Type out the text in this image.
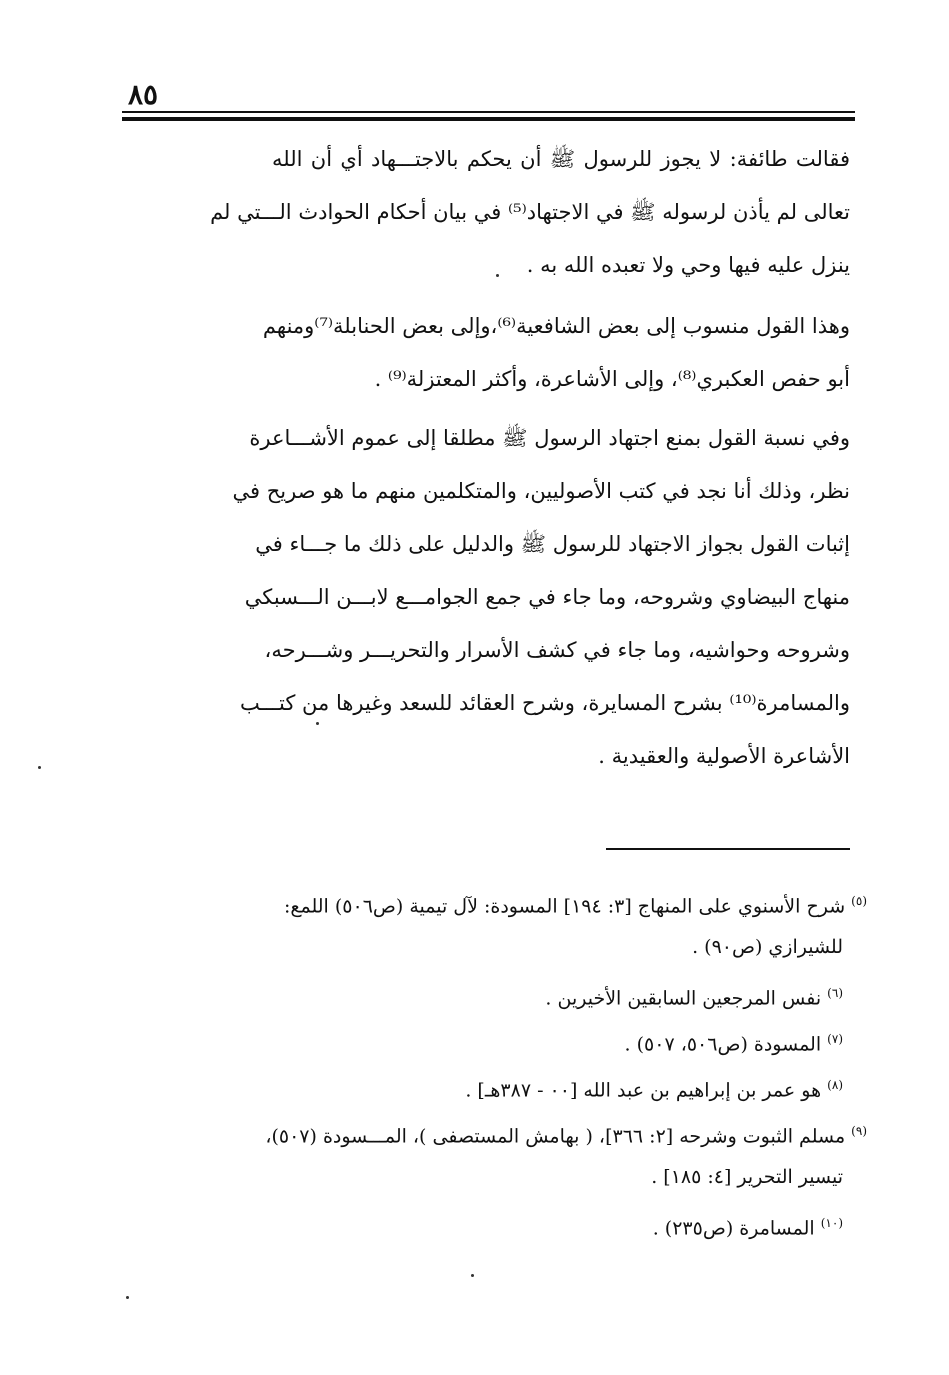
٨٥
فقالت طائفة: لا يجوز للرسول ﷺ أن يحكم بالاجتـــهاد أي أن الله
تعالى لم يأذن لرسوله ﷺ في الاجتهاد⁽⁵⁾ في بيان أحكام الحوادث الـــتي لم
ينزل عليه فيها وحي ولا تعبده الله به .
وهذا القول منسوب إلى بعض الشافعية⁽⁶⁾،وإلى بعض الحنابلة⁽⁷⁾ومنهم
أبو حفص العكبري⁽⁸⁾، وإلى الأشاعرة، وأكثر المعتزلة⁽⁹⁾ .
وفي نسبة القول بمنع اجتهاد الرسول ﷺ مطلقا إلى عموم الأشـــاعرة
نظر، وذلك أنا نجد في كتب الأصوليين، والمتكلمين منهم ما هو صريح في
إثبات القول بجواز الاجتهاد للرسول ﷺ والدليل على ذلك ما جـــاء في
منهاج البيضاوي وشروحه، وما جاء في جمع الجوامـــع لابـــن الـــسبكي
وشروحه وحواشيه، وما جاء في كشف الأسرار والتحريـــر وشـــرحه،
والمسامرة⁽¹⁰⁾ بشرح المسايرة، وشرح العقائد للسعد وغيرها من كتـــب
الأشاعرة الأصولية والعقيدية .
$^{(٥)}$ شرح الأسنوي على المنهاج [٣: ١٩٤] المسودة: لآل تيمية (ص٥٠٦) اللمع:
للشيرازي (ص٩٠) .
$^{(٦)}$ نفس المرجعين السابقين الأخيرين .
$^{(٧)}$ المسودة (ص٥٠٦، ٥٠٧) .
$^{(٨)}$ هو عمر بن إبراهيم بن عبد الله [٠٠ - ٣٨٧هـ] .
$^{(٩)}$ مسلم الثبوت وشرحه [٢: ٣٦٦]، ( بهامش المستصفى )، المـــسودة (٥٠٧)،
تيسير التحرير [٤: ١٨٥] .
$^{(١٠)}$ المسامرة (ص٢٣٥) .
